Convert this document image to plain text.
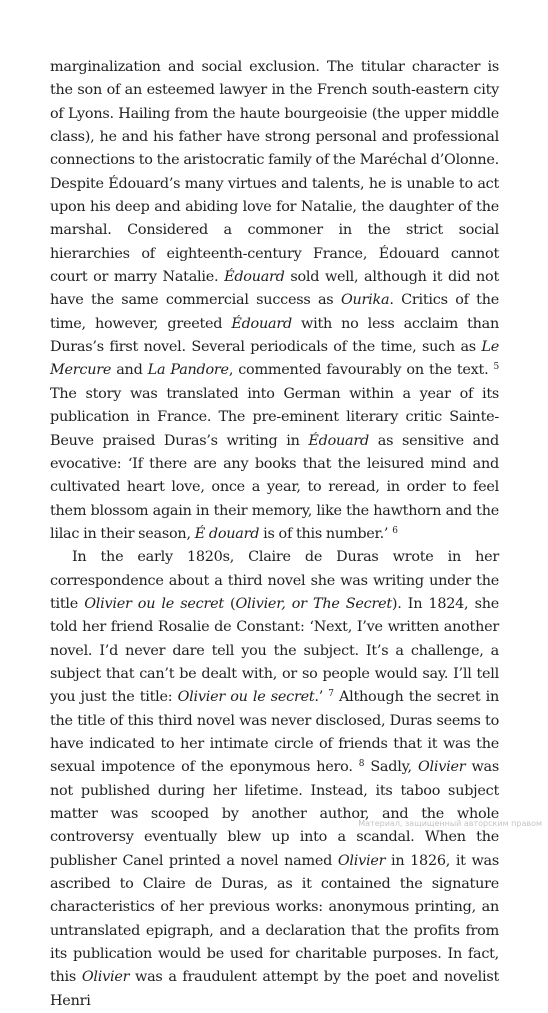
marginalization and social exclusion. The titular character is the son of an esteemed lawyer in the French south-eastern city of Lyons. Hailing from the haute bourgeoisie (the upper middle class), he and his father have strong personal and professional connections to the aristocratic family of the Maréchal d’Olonne. Despite Édouard’s many virtues and talents, he is unable to act upon his deep and abiding love for Natalie, the daughter of the marshal. Considered a commoner in the strict social hierarchies of eighteenth-century France, Édouard cannot court or marry Natalie. Édouard sold well, although it did not have the same commercial success as Ourika. Critics of the time, however, greeted Édouard with no less acclaim than Duras’s first novel. Several periodicals of the time, such as Le Mercure and La Pandore, commented favourably on the text. $^5$ The story was translated into German within a year of its publication in France. The pre-eminent literary critic Sainte-Beuve praised Duras’s writing in Édouard as sensitive and evocative: ‘If there are any books that the leisured mind and cultivated heart love, once a year, to reread, in order to feel them blossom again in their memory, like the hawthorn and the lilac in their season, É douard is of this number.’ $^6$

In the early 1820s, Claire de Duras wrote in her correspondence about a third novel she was writing under the title Olivier ou le secret (Olivier, or The Secret). In 1824, she told her friend Rosalie de Constant: ‘Next, I’ve written another novel. I’d never dare tell you the subject. It’s a challenge, a subject that can’t be dealt with, or so people would say. I’ll tell you just the title: Olivier ou le secret.’ $^7$ Although the secret in the title of this third novel was never disclosed, Duras seems to have indicated to her intimate circle of friends that it was the sexual impotence of the eponymous hero. $^8$ Sadly, Olivier was not published during her lifetime. Instead, its taboo subject matter was scooped by another author, and the whole controversy eventually blew up into a scandal. When the publisher Canel printed a novel named Olivier in 1826, it was ascribed to Claire de Duras, as it contained the signature characteristics of her previous works: anonymous printing, an untranslated epigraph, and a declaration that the profits from its publication would be used for charitable purposes. In fact, this Olivier was a fraudulent attempt by the poet and novelist Henri

Материал, защищенный авторским правом
